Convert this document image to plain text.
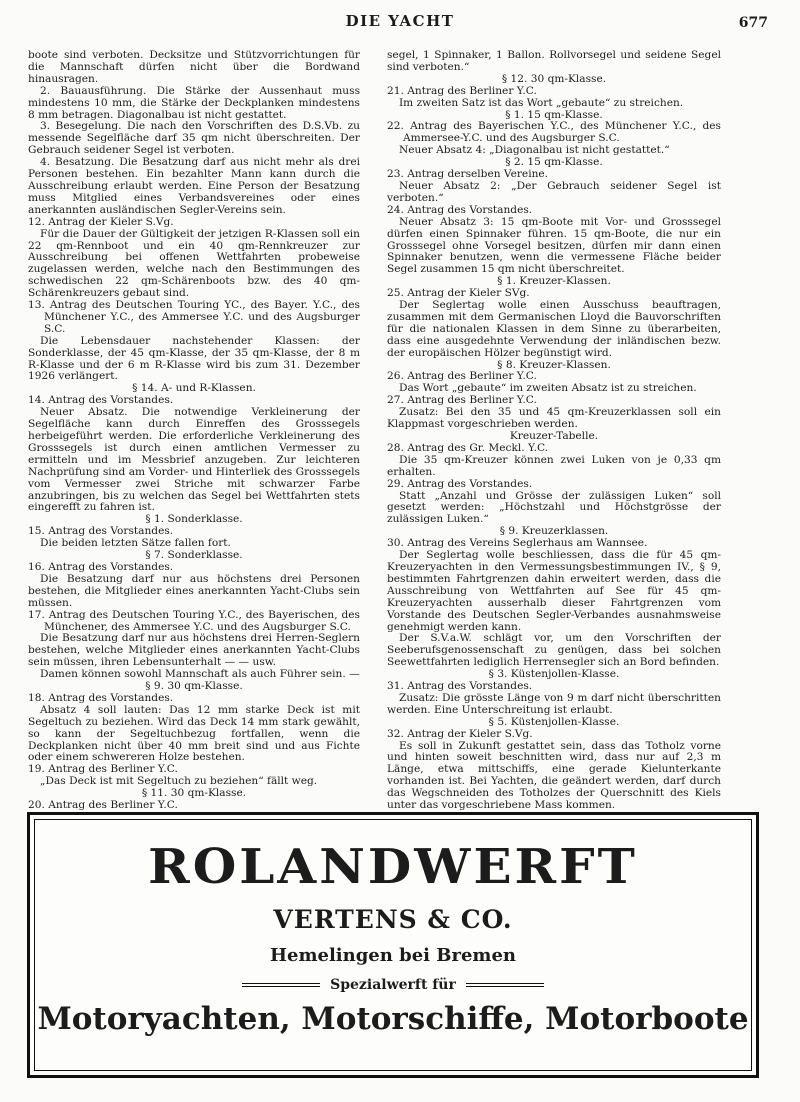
DIE YACHT	677

boote sind verboten. Decksitze und Stützvorrichtungen für die Mannschaft dürfen nicht über die Bordwand hinausragen.

2. Bauausführung. Die Stärke der Aussenhaut muss mindestens 10 mm, die Stärke der Deckplanken mindestens 8 mm betragen. Diagonalbau ist nicht gestattet.

3. Besegelung. Die nach den Vorschriften des D.S.Vb. zu messende Segelfläche darf 35 qm nicht überschreiten. Der Gebrauch seidener Segel ist verboten.

4. Besatzung. Die Besatzung darf aus nicht mehr als drei Personen bestehen. Ein bezahlter Mann kann durch die Ausschreibung erlaubt werden. Eine Person der Besatzung muss Mitglied eines Verbandsvereines oder eines anerkannten ausländischen Segler-Vereins sein.

12. Antrag der Kieler S.Vg.

Für die Dauer der Gültigkeit der jetzigen R-Klassen soll ein 22 qm-Rennboot und ein 40 qm-Rennkreuzer zur Ausschreibung bei offenen Wettfahrten probeweise zugelassen werden, welche nach den Bestimmungen des schwedischen 22 qm-Schärenboots bzw. des 40 qm-Schärenkreuzers gebaut sind.

13. Antrag des Deutschen Touring YC., des Bayer. Y.C., des Münchener Y.C., des Ammersee Y.C. und des Augsburger S.C.

Die Lebensdauer nachstehender Klassen: der Sonderklasse, der 45 qm-Klasse, der 35 qm-Klasse, der 8 m R-Klasse und der 6 m R-Klasse wird bis zum 31. Dezember 1926 verlängert.

§ 14. A- und R-Klassen.

14. Antrag des Vorstandes.

Neuer Absatz. Die notwendige Verkleinerung der Segelfläche kann durch Einreffen des Grosssegels herbeigeführt werden. Die erforderliche Verkleinerung des Grosssegels ist durch einen amtlichen Vermesser zu ermitteln und im Messbrief anzugeben. Zur leichteren Nachprüfung sind am Vorder- und Hinterliek des Grosssegels vom Vermesser zwei Striche mit schwarzer Farbe anzubringen, bis zu welchen das Segel bei Wettfahrten stets eingerefft zu fahren ist.

§ 1. Sonderklasse.

15. Antrag des Vorstandes.

Die beiden letzten Sätze fallen fort.

§ 7. Sonderklasse.

16. Antrag des Vorstandes.

Die Besatzung darf nur aus höchstens drei Personen bestehen, die Mitglieder eines anerkannten Yacht-Clubs sein müssen.

17. Antrag des Deutschen Touring Y.C., des Bayerischen, des Münchener, des Ammersee Y.C. und des Augsburger S.C.

Die Besatzung darf nur aus höchstens drei Herren-Seglern bestehen, welche Mitglieder eines anerkannten Yacht-Clubs sein müssen, ihren Lebensunterhalt — — usw.

Damen können sowohl Mannschaft als auch Führer sein. —

§ 9. 30 qm-Klasse.

18. Antrag des Vorstandes.

Absatz 4 soll lauten: Das 12 mm starke Deck ist mit Segeltuch zu beziehen. Wird das Deck 14 mm stark gewählt, so kann der Segeltuchbezug fortfallen, wenn die Deckplanken nicht über 40 mm breit sind und aus Fichte oder einem schwereren Holze bestehen.

19. Antrag des Berliner Y.C.

„Das Deck ist mit Segeltuch zu beziehen“ fällt weg.

§ 11. 30 qm-Klasse.

20. Antrag des Berliner Y.C.

segel, 1 Spinnaker, 1 Ballon. Rollvorsegel und seidene Segel sind verboten.“

§ 12. 30 qm-Klasse.

21. Antrag des Berliner Y.C.

Im zweiten Satz ist das Wort „gebaute“ zu streichen.

§ 1. 15 qm-Klasse.

22. Antrag des Bayerischen Y.C., des Münchener Y.C., des Ammersee-Y.C. und des Augsburger S.C.

Neuer Absatz 4: „Diagonalbau ist nicht gestattet.“

§ 2. 15 qm-Klasse.

23. Antrag derselben Vereine.

Neuer Absatz 2: „Der Gebrauch seidener Segel ist verboten.“

24. Antrag des Vorstandes.

Neuer Absatz 3: 15 qm-Boote mit Vor- und Grosssegel dürfen einen Spinnaker führen. 15 qm-Boote, die nur ein Grosssegel ohne Vorsegel besitzen, dürfen mir dann einen Spinnaker benutzen, wenn die vermessene Fläche beider Segel zusammen 15 qm nicht überschreitet.

§ 1. Kreuzer-Klassen.

25. Antrag der Kieler SVg.

Der Seglertag wolle einen Ausschuss beauftragen, zusammen mit dem Germanischen Lloyd die Bauvorschriften für die nationalen Klassen in dem Sinne zu überarbeiten, dass eine ausgedehnte Verwendung der inländischen bezw. der europäischen Hölzer begünstigt wird.

§ 8. Kreuzer-Klassen.

26. Antrag des Berliner Y.C.

Das Wort „gebaute“ im zweiten Absatz ist zu streichen.

27. Antrag des Berliner Y.C.

Zusatz: Bei den 35 und 45 qm-Kreuzerklassen soll ein Klappmast vorgeschrieben werden.

Kreuzer-Tabelle.

28. Antrag des Gr. Meckl. Y.C.

Die 35 qm-Kreuzer können zwei Luken von je 0,33 qm erhalten.

29. Antrag des Vorstandes.

Statt „Anzahl und Grösse der zulässigen Luken“ soll gesetzt werden: „Höchstzahl und Höchstgrösse der zulässigen Luken.“

§ 9. Kreuzerklassen.

30. Antrag des Vereins Seglerhaus am Wannsee.

Der Seglertag wolle beschliessen, dass die für 45 qm-Kreuzeryachten in den Vermessungsbestimmungen IV., § 9, bestimmten Fahrtgrenzen dahin erweitert werden, dass die Ausschreibung von Wettfahrten auf See für 45 qm-Kreuzeryachten ausserhalb dieser Fahrtgrenzen vom Vorstande des Deutschen Segler-Verbandes ausnahmsweise genehmigt werden kann.

Der S.V.a.W. schlägt vor, um den Vorschriften der Seeberufsgenossenschaft zu genügen, dass bei solchen Seewettfahrten lediglich Herrensegler sich an Bord befinden.

§ 3. Küstenjollen-Klasse.

31. Antrag des Vorstandes.

Zusatz: Die grösste Länge von 9 m darf nicht überschritten werden. Eine Unterschreitung ist erlaubt.

§ 5. Küstenjollen-Klasse.

32. Antrag der Kieler S.Vg.

Es soll in Zukunft gestattet sein, dass das Totholz vorne und hinten soweit beschnitten wird, dass nur auf 2,3 m Länge, etwa mittschiffs, eine gerade Kielunterkante vorhanden ist. Bei Yachten, die geändert werden, darf durch das Wegschneiden des Totholzes der Querschnitt des Kiels unter das vorgeschriebene Mass kommen.

ROLANDWERFT
VERTENS & CO.
Hemelingen bei Bremen
Spezialwerft für
Motoryachten, Motorschiffe, Motorboote
